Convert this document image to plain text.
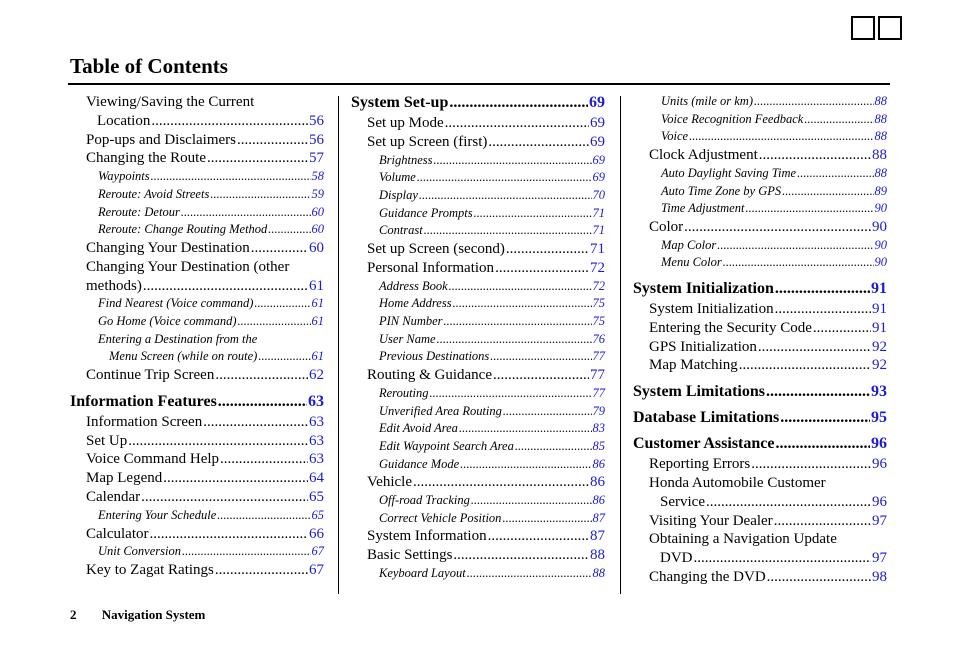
Table of Contents
Viewing/Saving the Current
Location .....	56
Pop-ups and Disclaimers .....	56
Changing the Route .....	57
Waypoints .....	58
Reroute: Avoid Streets .....	59
Reroute: Detour .....	60
Reroute: Change Routing Method .....	60
Changing Your Destination .....	60
Changing Your Destination (other
methods) .....	61
Find Nearest (Voice command) .....	61
Go Home (Voice command) .....	61
Entering a Destination from the
Menu Screen (while on route) .....	61
Continue Trip Screen .....	62
Information Features .....	63
Information Screen .....	63
Set Up .....	63
Voice Command Help .....	63
Map Legend .....	64
Calendar .....	65
Entering Your Schedule .....	65
Calculator .....	66
Unit Conversion .....	67
Key to Zagat Ratings .....	67
System Set-up .....	69
Set up Mode .....	69
Set up Screen (first) .....	69
Brightness .....	69
Volume .....	69
Display .....	70
Guidance Prompts .....	71
Contrast .....	71
Set up Screen (second) .....	71
Personal Information .....	72
Address Book .....	72
Home Address .....	75
PIN Number .....	75
User Name .....	76
Previous Destinations .....	77
Routing & Guidance .....	77
Rerouting .....	77
Unverified Area Routing .....	79
Edit Avoid Area .....	83
Edit Waypoint Search Area .....	85
Guidance Mode .....	86
Vehicle .....	86
Off-road Tracking .....	86
Correct Vehicle Position .....	87
System Information .....	87
Basic Settings .....	88
Keyboard Layout .....	88
Units (mile or km) .....	88
Voice Recognition Feedback .....	88
Voice .....	88
Clock Adjustment .....	88
Auto Daylight Saving Time .....	88
Auto Time Zone by GPS .....	89
Time Adjustment .....	90
Color .....	90
Map Color .....	90
Menu Color .....	90
System Initialization .....	91
System Initialization .....	91
Entering the Security Code .....	91
GPS Initialization .....	92
Map Matching .....	92
System Limitations .....	93
Database Limitations .....	95
Customer Assistance .....	96
Reporting Errors .....	96
Honda Automobile Customer
Service .....	96
Visiting Your Dealer .....	97
Obtaining a Navigation Update
DVD .....	97
Changing the DVD .....	98
2 Navigation System
